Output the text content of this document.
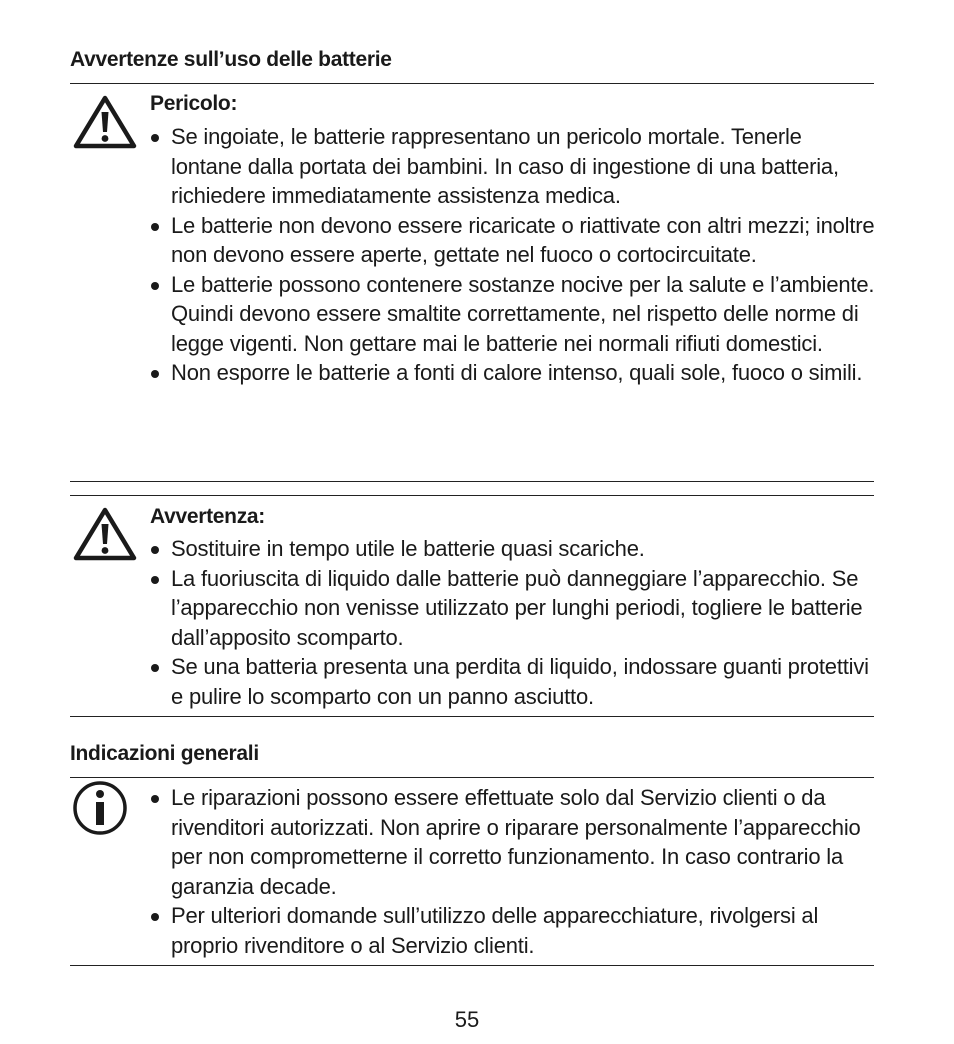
Avvertenze sull’uso delle batterie
Pericolo:
Se ingoiate, le batterie rappresentano un pericolo mortale. Tenerle lontane dalla portata dei bambini. In caso di ingestione di una batteria, richiedere immediatamente assistenza medica.
Le batterie non devono essere ricaricate o riattivate con altri mezzi; inoltre non devono essere aperte, gettate nel fuoco o cortocircuitate.
Le batterie possono contenere sostanze nocive per la salute e l’ambiente. Quindi devono essere smaltite correttamente, nel rispetto delle norme di legge vigenti. Non gettare mai le batterie nei normali rifiuti domestici.
Non esporre le batterie a fonti di calore intenso, quali sole, fuoco o simili.
Avvertenza:
Sostituire in tempo utile le batterie quasi scariche.
La fuoriuscita di liquido dalle batterie può danneggiare l’apparecchio. Se l’apparecchio non venisse utilizzato per lunghi periodi, togliere le batterie dall’apposito scomparto.
Se una batteria presenta una perdita di liquido, indossare guanti protettivi e pulire lo scomparto con un panno asciutto.
Indicazioni generali
Le riparazioni possono essere effettuate solo dal Servizio clienti o da rivenditori autorizzati. Non aprire o riparare personalmente l’apparecchio per non comprometterne il corretto funzionamento. In caso contrario la garanzia decade.
Per ulteriori domande sull’utilizzo delle apparecchiature, rivolgersi al proprio rivenditore o al Servizio clienti.
55
